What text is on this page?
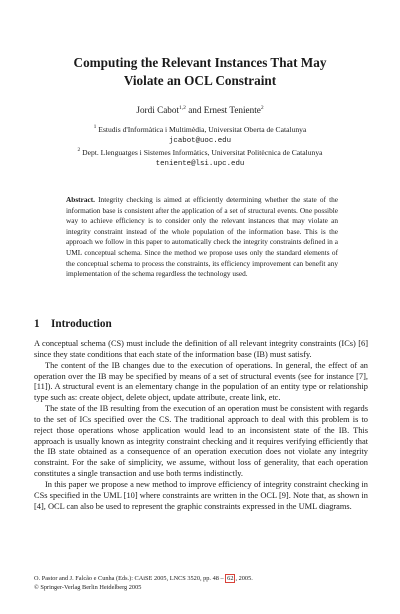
Computing the Relevant Instances That May
Violate an OCL Constraint
Jordi Cabot$^{1,2}$ and Ernest Teniente$^2$
$^1$ Estudis d'Informàtica i Multimèdia, Universitat Oberta de Catalunya
jcabot@uoc.edu
$^2$ Dept. Llenguatges i Sistemes Informàtics, Universitat Politècnica de Catalunya
teniente@lsi.upc.edu
Abstract. Integrity checking is aimed at efficiently determining whether the state of the information base is consistent after the application of a set of structural events. One possible way to achieve efficiency is to consider only the relevant instances that may violate an integrity constraint instead of the whole population of the information base. This is the approach we follow in this paper to automatically check the integrity constraints defined in a UML conceptual schema. Since the method we propose uses only the standard elements of the conceptual schema to process the constraints, its efficiency improvement can benefit any implementation of the schema regardless the technology used.
1 Introduction

A conceptual schema (CS) must include the definition of all relevant integrity constraints (ICs) [6] since they state conditions that each state of the information base (IB) must satisfy.

The content of the IB changes due to the execution of operations. In general, the effect of an operation over the IB may be specified by means of a set of structural events (see for instance [7], [11]). A structural event is an elementary change in the population of an entity type or relationship type such as: create object, delete object, update attribute, create link, etc.

The state of the IB resulting from the execution of an operation must be consistent with regards to the set of ICs specified over the CS. The traditional approach to deal with this problem is to reject those operations whose application would lead to an inconsistent state of the IB. This approach is usually known as integrity constraint checking and it requires verifying efficiently that the IB state obtained as a consequence of an operation execution does not violate any integrity constraint. For the sake of simplicity, we assume, without loss of generality, that each operation constitutes a single transaction and use both terms indistinctly.

In this paper we propose a new method to improve efficiency of integrity constraint checking in CSs specified in the UML [10] where constraints are written in the OCL [9]. Note that, as shown in [4], OCL can also be used to represent the graphic constraints expressed in the UML diagrams.

O. Pastor and J. Falcão e Cunha (Eds.): CAiSE 2005, LNCS 3520, pp. 48 – 62 , 2005.
© Springer-Verlag Berlin Heidelberg 2005
